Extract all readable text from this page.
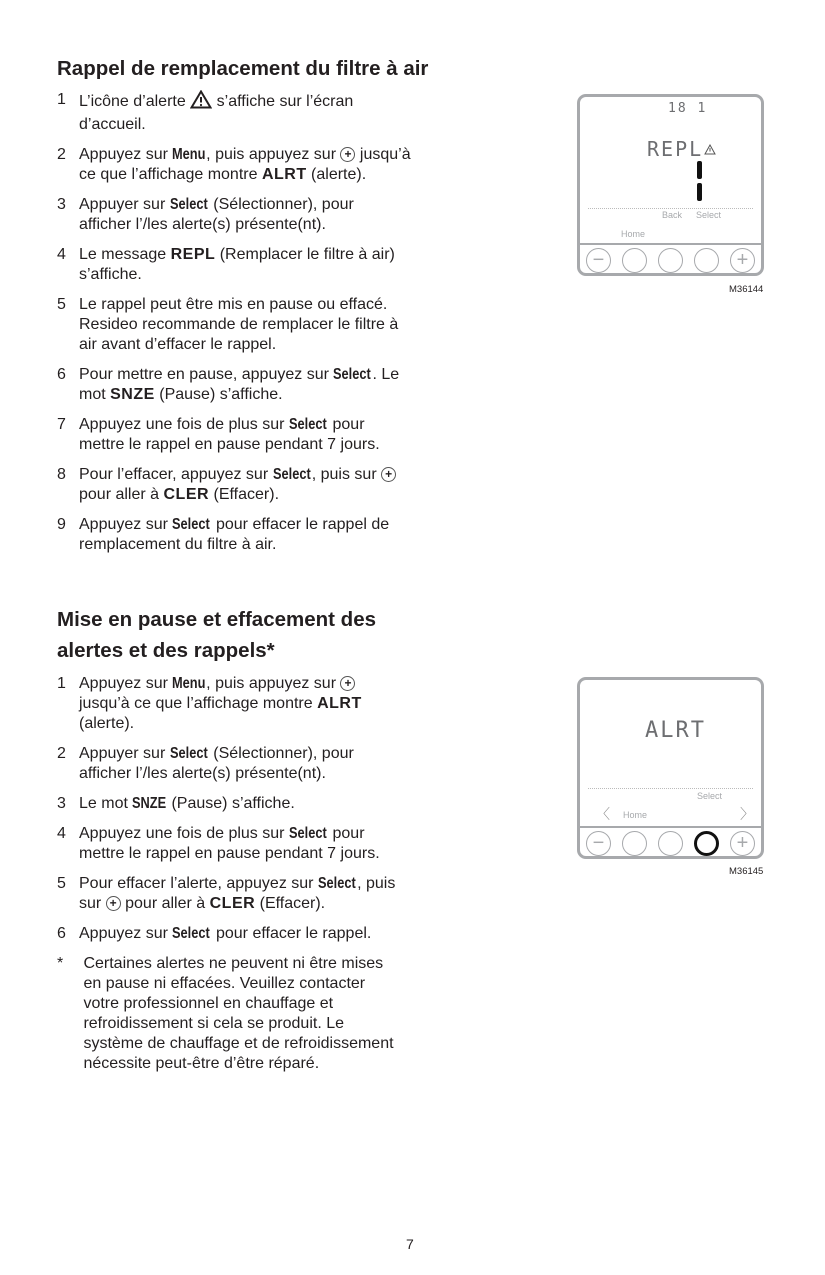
Rappel de remplacement du filtre à air
1 L’icône d’alerte  s’affiche sur l’écran
d’accueil.
2 Appuyez sur Menu, puis appuyez sur + jusqu’à
ce que l’affichage montre ALRT (alerte).
3 Appuyer sur Select (Sélectionner), pour
afficher l’/les alerte(s) présente(nt).
4 Le message REPL (Remplacer le filtre à air)
s’affiche.
5 Le rappel peut être mis en pause ou effacé.
Resideo recommande de remplacer le filtre à
air avant d’effacer le rappel.
6 Pour mettre en pause, appuyez sur Select. Le
mot SNZE (Pause) s’affiche.
7 Appuyez une fois de plus sur Select pour
mettre le rappel en pause pendant 7 jours.
8 Pour l’effacer, appuyez sur Select, puis sur +
pour aller à CLER (Effacer).
9 Appuyez sur Select pour effacer le rappel de
remplacement du filtre à air.
Mise en pause et effacement des
alertes et des rappels*
1 Appuyez sur Menu, puis appuyez sur +
jusqu’à ce que l’affichage montre ALRT
(alerte).
2 Appuyer sur Select (Sélectionner), pour
afficher l’/les alerte(s) présente(nt).
3 Le mot SNZE (Pause) s’affiche.
4 Appuyez une fois de plus sur Select pour
mettre le rappel en pause pendant 7 jours.
5 Pour effacer l’alerte, appuyez sur Select, puis
sur + pour aller à CLER (Effacer).
6 Appuyez sur Select pour effacer le rappel.
* Certaines alertes ne peuvent ni être mises
en pause ni effacées. Veuillez contacter
votre professionnel en chauffage et
refroidissement si cela se produit. Le
système de chauffage et de refroidissement
nécessite peut-être d’être réparé.
18 1
REPL
Back Select
Home
−	+
M36144
ALRT
Select
〈 Home	〉
−	+
M36145
7
